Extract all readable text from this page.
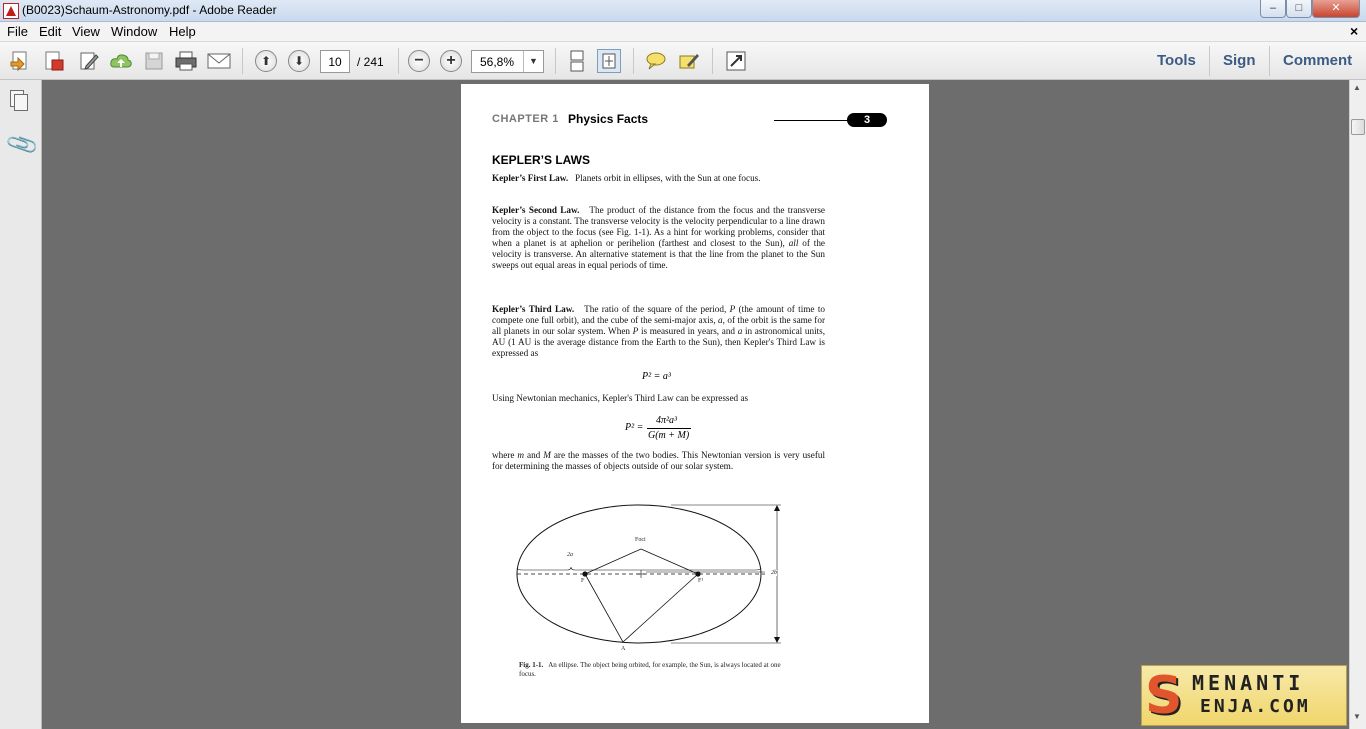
(B0023)Schaum-Astronomy.pdf - Adobe Reader	‒	□	✕
File Edit View Window Help	×
⬆ ⬇
10	/ 241 − + 56,8%	▼	Tools Sign Comment
📎
▲
▼
CHAPTER 1 Physics Facts	3
KEPLER’S LAWS
Kepler’s First Law. Planets orbit in ellipses, with the Sun at one focus.
Kepler’s Second Law. The product of the distance from the focus and the transverse velocity is a constant. The transverse velocity is the velocity perpendicular to a line drawn from the object to the focus (see Fig. 1-1). As a hint for working problems, consider that when a planet is at aphelion or perihelion (farthest and closest to the Sun), all of the velocity is transverse. An alternative statement is that the line from the planet to the Sun sweeps out equal areas in equal periods of time.
Kepler’s Third Law. The ratio of the square of the period, P (the amount of time to compete one full orbit), and the cube of the semi-major axis, a, of the orbit is the same for all planets in our solar system. When P is measured in years, and a in astronomical units, AU (1 AU is the average distance from the Earth to the Sun), then Kepler's Third Law is expressed as
P² = a³
Using Newtonian mechanics, Kepler's Third Law can be expressed as
P² =
4π²a³
G(m + M)
where m and M are the masses of the two bodies. This Newtonian version is very useful for determining the masses of objects outside of our solar system.
Foci
2a
2b
F	F¹
A
Fig. 1-1. An ellipse. The object being orbited, for example, the Sun, is always located at one focus.	S MENANTI
ENJA.COM
